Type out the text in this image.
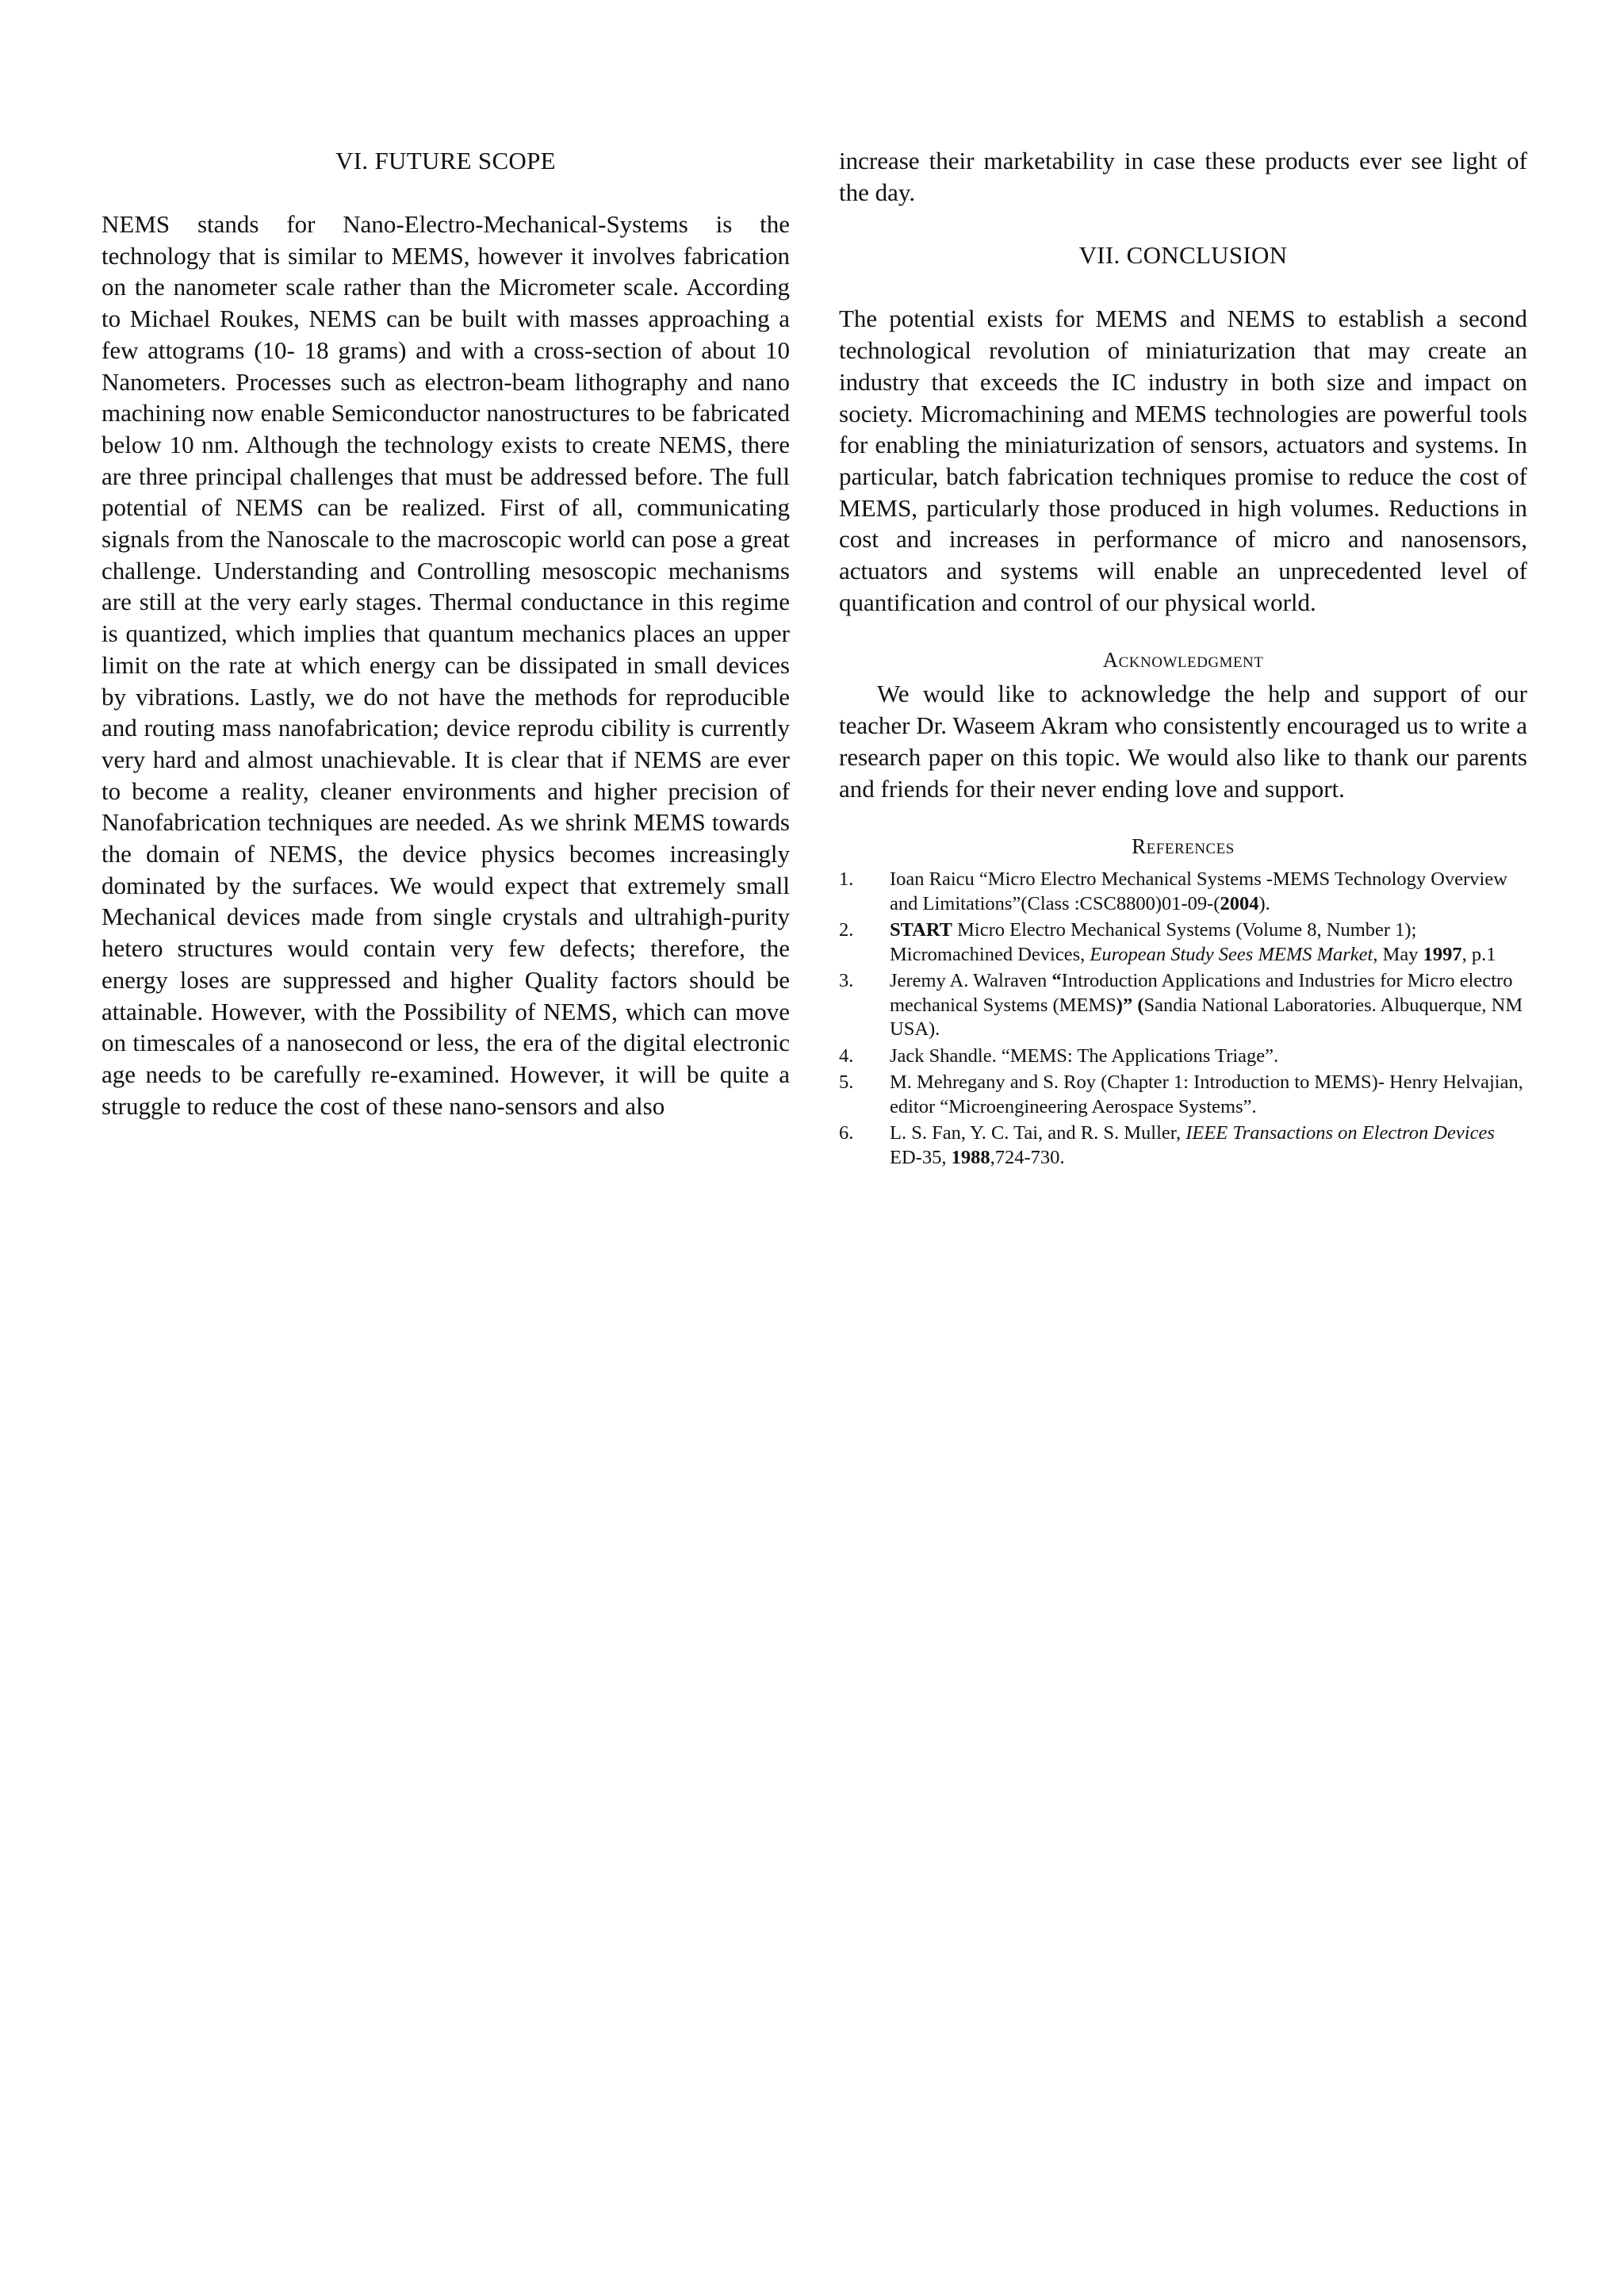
VI. FUTURE SCOPE

NEMS stands for Nano-Electro-Mechanical-Systems is the technology that is similar to MEMS, however it involves fabrication on the nanometer scale rather than the Micrometer scale. According to Michael Roukes, NEMS can be built with masses approaching a few attograms (10- 18 grams) and with a cross-section of about 10 Nanometers. Processes such as electron-beam lithography and nano machining now enable Semiconductor nanostructures to be fabricated below 10 nm. Although the technology exists to create NEMS, there are three principal challenges that must be addressed before. The full potential of NEMS can be realized. First of all, communicating signals from the Nanoscale to the macroscopic world can pose a great challenge. Understanding and Controlling mesoscopic mechanisms are still at the very early stages. Thermal conductance in this regime is quantized, which implies that quantum mechanics places an upper limit on the rate at which energy can be dissipated in small devices by vibrations. Lastly, we do not have the methods for reproducible and routing mass nanofabrication; device reprodu cibility is currently very hard and almost unachievable. It is clear that if NEMS are ever to become a reality, cleaner environments and higher precision of Nanofabrication techniques are needed. As we shrink MEMS towards the domain of NEMS, the device physics becomes increasingly dominated by the surfaces. We would expect that extremely small Mechanical devices made from single crystals and ultrahigh-purity hetero structures would contain very few defects; therefore, the energy loses are suppressed and higher Quality factors should be attainable. However, with the Possibility of NEMS, which can move on timescales of a nanosecond or less, the era of the digital electronic age needs to be carefully re-examined. However, it will be quite a struggle to reduce the cost of these nano-sensors and also

increase their marketability in case these products ever see light of the day.

VII. CONCLUSION

The potential exists for MEMS and NEMS to establish a second technological revolution of miniaturization that may create an industry that exceeds the IC industry in both size and impact on society. Micromachining and MEMS technologies are powerful tools for enabling the miniaturization of sensors, actuators and systems. In particular, batch fabrication techniques promise to reduce the cost of MEMS, particularly those produced in high volumes. Reductions in cost and increases in performance of micro and nanosensors, actuators and systems will enable an unprecedented level of quantification and control of our physical world.

Acknowledgment

We would like to acknowledge the help and support of our teacher Dr. Waseem Akram who consistently encouraged us to write a research paper on this topic. We would also like to thank our parents and friends for their never ending love and support.

References
1. Ioan Raicu “Micro Electro Mechanical Systems -MEMS Technology Overview and Limitations”(Class :CSC8800)01-09-(2004).
2. START Micro Electro Mechanical Systems (Volume 8, Number 1); Micromachined Devices, European Study Sees MEMS Market, May 1997, p.1
3. Jeremy A. Walraven “Introduction Applications and Industries for Micro electro mechanical Systems (MEMS)” (Sandia National Laboratories. Albuquerque, NM USA).
4. Jack Shandle. “MEMS: The Applications Triage”.
5. M. Mehregany and S. Roy (Chapter 1: Introduction to MEMS)- Henry Helvajian, editor “Microengineering Aerospace Systems”.
6. L. S. Fan, Y. C. Tai, and R. S. Muller, IEEE Transactions on Electron Devices ED-35, 1988,724-730.
